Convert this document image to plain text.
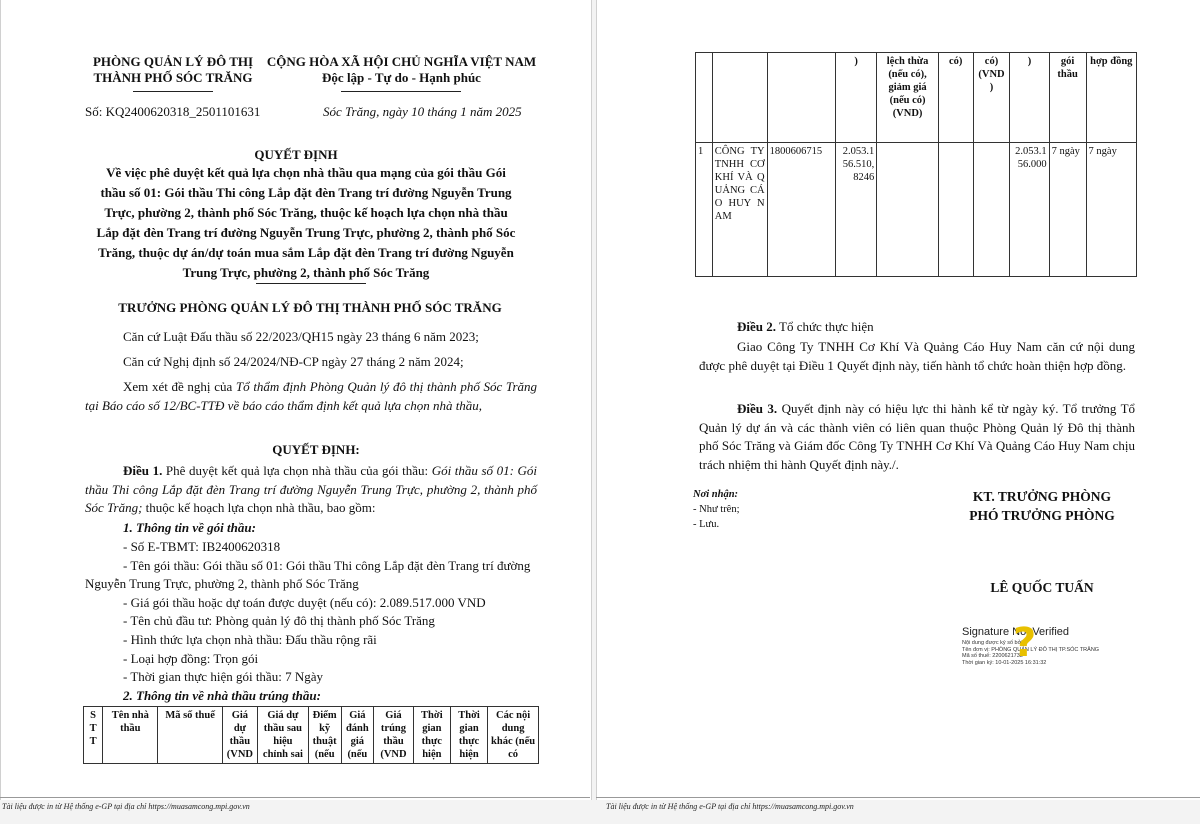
PHÒNG QUẢN LÝ ĐÔ THỊ
THÀNH PHỐ SÓC TRĂNG
CỘNG HÒA XÃ HỘI CHỦ NGHĨA VIỆT NAM
Độc lập - Tự do - Hạnh phúc
Số: KQ2400620318_2501101631	Sóc Trăng, ngày 10 tháng 1 năm 2025
QUYẾT ĐỊNH
Về việc phê duyệt kết quả lựa chọn nhà thầu qua mạng của gói thầu Gói
thầu số 01: Gói thầu Thi công Lắp đặt đèn Trang trí đường Nguyễn Trung
Trực, phường 2, thành phố Sóc Trăng, thuộc kế hoạch lựa chọn nhà thầu
Lắp đặt đèn Trang trí đường Nguyễn Trung Trực, phường 2, thành phố Sóc
Trăng, thuộc dự án/dự toán mua sắm Lắp đặt đèn Trang trí đường Nguyễn
Trung Trực, phường 2, thành phố Sóc Trăng
TRƯỞNG PHÒNG QUẢN LÝ ĐÔ THỊ THÀNH PHỐ SÓC TRĂNG
Căn cứ Luật Đấu thầu số 22/2023/QH15 ngày 23 tháng 6 năm 2023;
Căn cứ Nghị định số 24/2024/NĐ-CP ngày 27 tháng 2 năm 2024;
Xem xét đề nghị của Tổ thẩm định Phòng Quản lý đô thị thành phố Sóc Trăng tại Báo cáo số 12/BC-TTĐ về báo cáo thẩm định kết quả lựa chọn nhà thầu,
QUYẾT ĐỊNH:
Điều 1. Phê duyệt kết quả lựa chọn nhà thầu của gói thầu: Gói thầu số 01: Gói thầu Thi công Lắp đặt đèn Trang trí đường Nguyễn Trung Trực, phường 2, thành phố Sóc Trăng; thuộc kế hoạch lựa chọn nhà thầu, bao gồm:
1. Thông tin về gói thầu:
- Số E-TBMT: IB2400620318
- Tên gói thầu: Gói thầu số 01: Gói thầu Thi công Lắp đặt đèn Trang trí đường Nguyễn Trung Trực, phường 2, thành phố Sóc Trăng
- Giá gói thầu hoặc dự toán được duyệt (nếu có): 2.089.517.000 VND
- Tên chủ đầu tư: Phòng quản lý đô thị thành phố Sóc Trăng
- Hình thức lựa chọn nhà thầu: Đấu thầu rộng rãi
- Loại hợp đồng: Trọn gói
- Thời gian thực hiện gói thầu: 7 Ngày
2. Thông tin về nhà thầu trúng thầu:
S T T	Tên nhà thầu	Mã số thuế	Giá dự thầu (VND	Giá dự thầu sau hiệu chỉnh sai	Điểm kỹ thuật (nếu	Giá đánh giá (nếu	Giá trúng thầu (VND	Thời gian thực hiện	Thời gian thực hiện	Các nội dung khác (nếu có
Tài liệu được in từ Hệ thống e-GP tại địa chỉ https://muasamcong.mpi.gov.vn
			)	lệch thừa (nếu có), giảm giá (nếu có) (VND)	có)	có) (VND )	)	gói thầu	hợp đồng
1	CÔNG TY TNHH CƠ KHÍ VÀ QUẢNG CÁO HUY NAM	1800606715	2.053.156.510,8246				2.053.156.000	7 ngày	7 ngày
Điều 2. Tổ chức thực hiện
Giao Công Ty TNHH Cơ Khí Và Quảng Cáo Huy Nam căn cứ nội dung được phê duyệt tại Điều 1 Quyết định này, tiến hành tổ chức hoàn thiện hợp đồng.
Điều 3. Quyết định này có hiệu lực thi hành kể từ ngày ký. Tổ trưởng Tổ Quản lý dự án và các thành viên có liên quan thuộc Phòng Quản lý Đô thị thành phố Sóc Trăng và Giám đốc Công Ty TNHH Cơ Khí Và Quảng Cáo Huy Nam chịu trách nhiệm thi hành Quyết định này./.
Nơi nhận:
- Như trên;
- Lưu.
KT. TRƯỞNG PHÒNG
PHÓ TRƯỞNG PHÒNG
LÊ QUỐC TUẤN
Signature Not Verified
Nội dung được ký số bởi:
Tên đơn vị: PHÒNG QUẢN LÝ ĐÔ THỊ TP.SÓC TRĂNG
Mã số thuế: 2200621738
Thời gian ký: 10-01-2025 16:31:32
?
Tài liệu được in từ Hệ thống e-GP tại địa chỉ https://muasamcong.mpi.gov.vn
